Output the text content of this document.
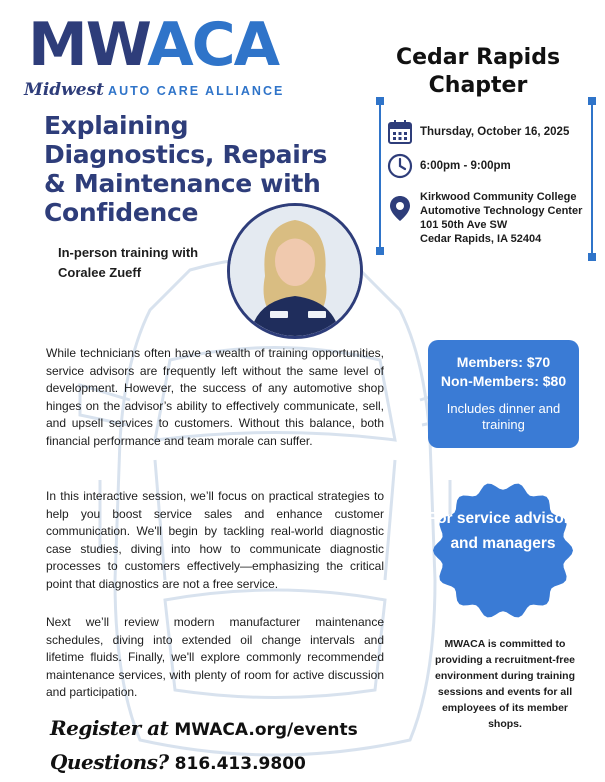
MWACA
Midwest AUTO CARE ALLIANCE
Explaining Diagnostics, Repairs & Maintenance with Confidence
In-person training with Coralee Zueff
Cedar Rapids Chapter
Thursday, October 16, 2025
6:00pm - 9:00pm
Kirkwood Community College
Automotive Technology Center
101 50th Ave SW
Cedar Rapids, IA 52404

While technicians often have a wealth of training opportunities, service advisors are frequently left without the same level of development. However, the success of any automotive shop hinges on the advisor’s ability to effectively communicate, sell, and upsell services to customers. Without this balance, both financial performance and team morale can suffer.

In this interactive session, we’ll focus on practical strategies to help you boost service sales and enhance customer communication. We'll begin by tackling real-world diagnostic case studies, diving into how to communicate diagnostic processes to customers effectively—emphasizing the critical point that diagnostics are not a free service.

Next we’ll review modern manufacturer maintenance schedules, diving into extended oil change intervals and lifetime fluids. Finally, we'll explore commonly recommended maintenance services, with plenty of room for active discussion and participation.

Members: $70
Non-Members: $80
Includes dinner and training
For service advisors and managers
MWACA is committed to providing a recruitment-free environment during training sessions and events for all employees of its member shops.
Register at MWACA.org/events
Questions? 816.413.9800
